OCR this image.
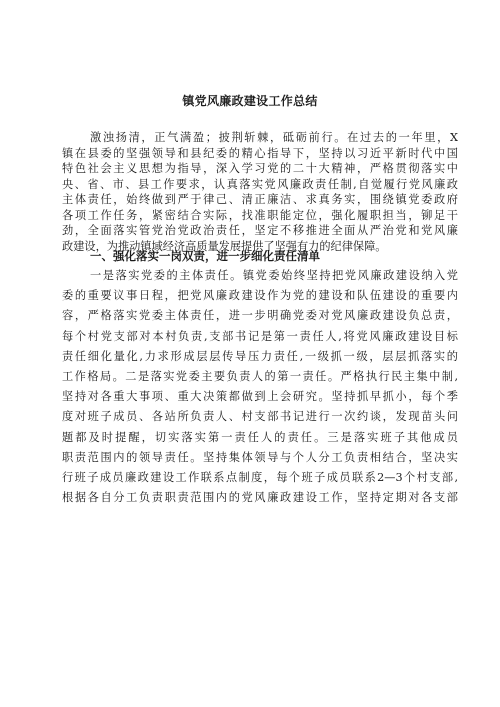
镇党风廉政建设工作总结
激浊扬清，正气满盈；披荆斩棘，砥砺前行。在过去的一年里，X
镇在县委的坚强领导和县纪委的精心指导下，坚持以习近平新时代中国
特色社会主义思想为指导，深入学习党的二十大精神，严格贯彻落实中
央、省、市、县工作要求，认真落实党风廉政责任制,自觉履行党风廉政
主体责任，始终做到严于律己、清正廉洁、求真务实，围绕镇党委政府
各项工作任务，紧密结合实际，找准职能定位，强化履职担当，铆足干
劲，全面落实管党治党政治责任，坚定不移推进全面从严治党和党风廉
政建设，为推动镇域经济高质量发展提供了坚强有力的纪律保障。
一、强化落实一岗双责，进一步细化责任清单
一是落实党委的主体责任。镇党委始终坚持把党风廉政建设纳入党
委的重要议事日程，把党风廉政建设作为党的建设和队伍建设的重要内
容，严格落实党委主体责任，进一步明确党委对党风廉政建设负总责，
每个村党支部对本村负责,支部书记是第一责任人,将党风廉政建设目标
责任细化量化,力求形成层层传导压力责任,一级抓一级，层层抓落实的
工作格局。二是落实党委主要负责人的第一责任。严格执行民主集中制,
坚持对各重大事项、重大决策都做到上会研究。坚持抓早抓小，每个季
度对班子成员、各站所负责人、村支部书记进行一次约谈，发现苗头问
题都及时提醒，切实落实第一责任人的责任。三是落实班子其他成员
职责范围内的领导责任。坚持集体领导与个人分工负责相结合，坚决实
行班子成员廉政建设工作联系点制度，每个班子成员联系2—3个村支部,
根据各自分工负责职责范围内的党风廉政建设工作，坚持定期对各支部
